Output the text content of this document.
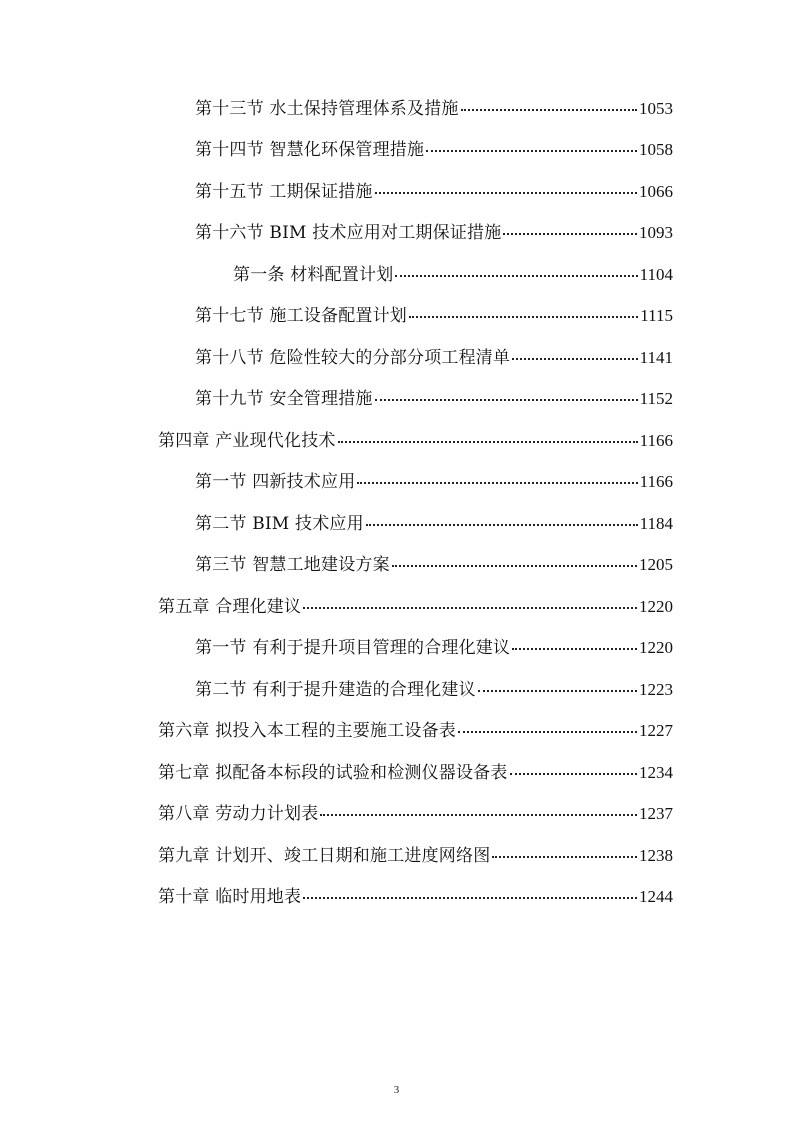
第十三节 水土保持管理体系及措施	1053
第十四节 智慧化环保管理措施	1058
第十五节 工期保证措施	1066
第十六节 BIM 技术应用对工期保证措施	1093
第一条 材料配置计划	1104
第十七节 施工设备配置计划	1115
第十八节 危险性较大的分部分项工程清单	1141
第十九节 安全管理措施	1152
第四章 产业现代化技术	1166
第一节 四新技术应用	1166
第二节 BIM 技术应用	1184
第三节 智慧工地建设方案	1205
第五章 合理化建议	1220
第一节 有利于提升项目管理的合理化建议	1220
第二节 有利于提升建造的合理化建议	1223
第六章 拟投入本工程的主要施工设备表	1227
第七章 拟配备本标段的试验和检测仪器设备表	1234
第八章 劳动力计划表	1237
第九章 计划开、竣工日期和施工进度网络图	1238
第十章 临时用地表	1244
3
